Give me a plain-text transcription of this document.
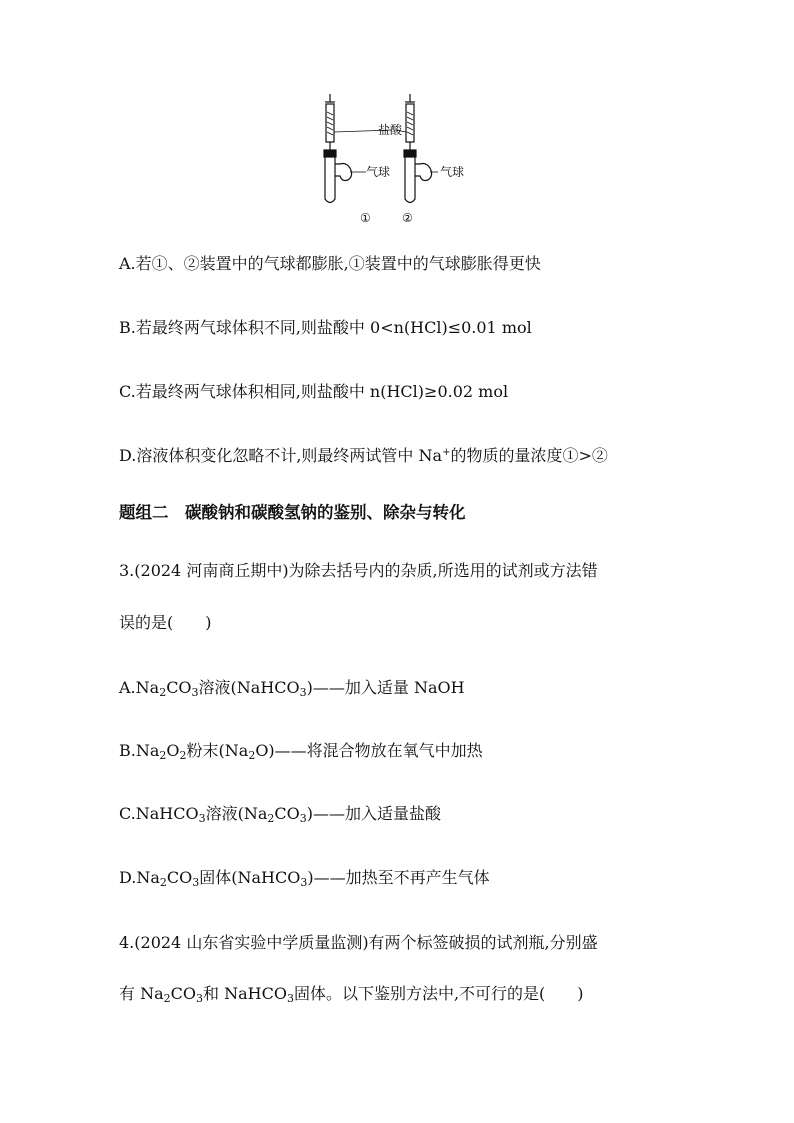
①
气球
盐酸
气球
②
A.若①、②装置中的气球都膨胀,①装置中的气球膨胀得更快
B.若最终两气球体积不同,则盐酸中 0<n(HCl)≤0.01 mol
C.若最终两气球体积相同,则盐酸中 n(HCl)≥0.02 mol
D.溶液体积变化忽略不计,则最终两试管中 Na+的物质的量浓度①>②
题组二　碳酸钠和碳酸氢钠的鉴别、除杂与转化
3.(2024 河南商丘期中)为除去括号内的杂质,所选用的试剂或方法错
误的是(　　)
$A.Na_2CO_3$溶液(NaHCO$_3$)——加入适量 NaOH
$B.Na_2O_2$粉末$(Na_2O)——$将混合物放在氧气中加热
C.NaHCO$_3$溶液$(Na_2CO_3)——$加入适量盐酸
$D.Na_2CO_3$固体(NaHCO$_3$)——加热至不再产生气体
4.(2024 山东省实验中学质量监测)有两个标签破损的试剂瓶,分别盛
有 $Na_2CO_3$和 NaHCO$_3$固体。以下鉴别方法中,不可行的是(　　)
